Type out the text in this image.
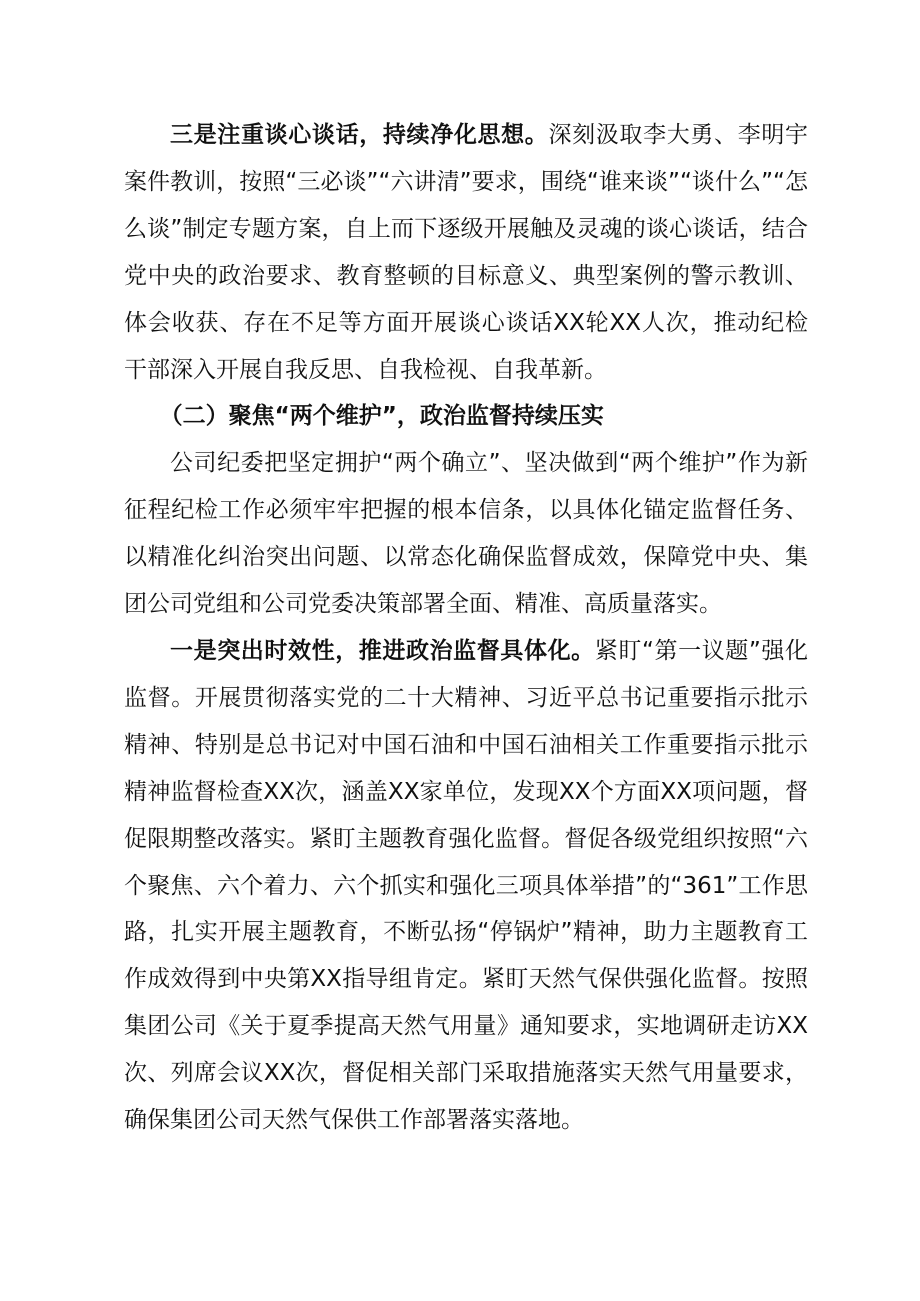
三是注重谈心谈话，持续净化思想。深刻汲取李大勇、李明宇案件教训，按照“三必谈”“六讲清”要求，围绕“谁来谈”“谈什么”“怎么谈”制定专题方案，自上而下逐级开展触及灵魂的谈心谈话，结合党中央的政治要求、教育整顿的目标意义、典型案例的警示教训、体会收获、存在不足等方面开展谈心谈话XX轮XX人次，推动纪检干部深入开展自我反思、自我检视、自我革新。

（二）聚焦“两个维护”，政治监督持续压实

公司纪委把坚定拥护“两个确立”、坚决做到“两个维护”作为新征程纪检工作必须牢牢把握的根本信条，以具体化锚定监督任务、以精准化纠治突出问题、以常态化确保监督成效，保障党中央、集团公司党组和公司党委决策部署全面、精准、高质量落实。

一是突出时效性，推进政治监督具体化。紧盯“第一议题”强化监督。开展贯彻落实党的二十大精神、习近平总书记重要指示批示精神、特别是总书记对中国石油和中国石油相关工作重要指示批示精神监督检查XX次，涵盖XX家单位，发现XX个方面XX项问题，督促限期整改落实。紧盯主题教育强化监督。督促各级党组织按照“六个聚焦、六个着力、六个抓实和强化三项具体举措”的“361”工作思路，扎实开展主题教育，不断弘扬“停锅炉”精神，助力主题教育工作成效得到中央第XX指导组肯定。紧盯天然气保供强化监督。按照集团公司《关于夏季提高天然气用量》通知要求，实地调研走访XX次、列席会议XX次，督促相关部门采取措施落实天然气用量要求，确保集团公司天然气保供工作部署落实落地。
